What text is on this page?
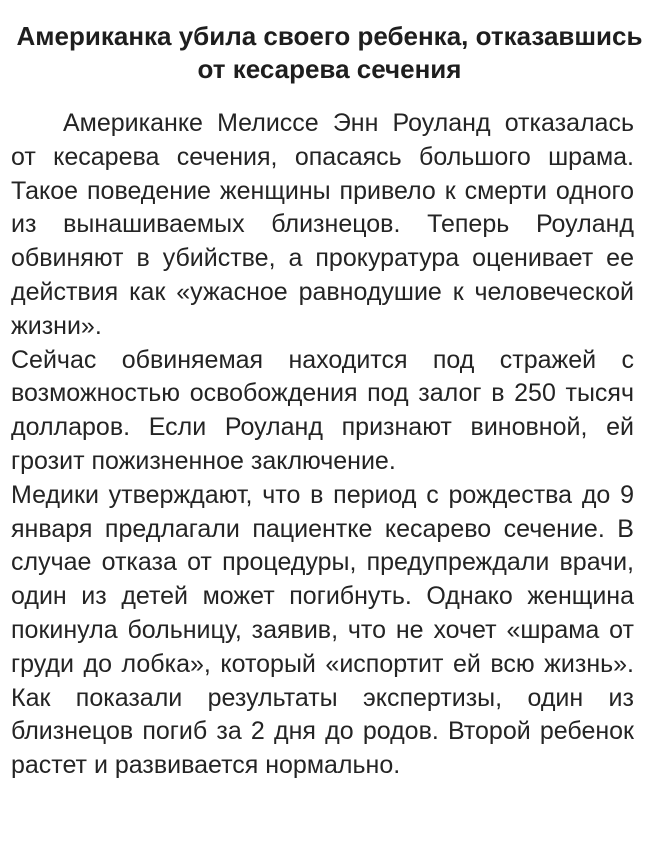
Американка убила своего ребенка, отказавшись
от кесарева сечения

Американке Мелиссе Энн Роуланд отказалась от кесарева сечения, опасаясь большого шрама. Такое поведение женщины привело к смерти одного из вынашиваемых близнецов. Теперь Роуланд обвиняют в убийстве, а прокуратура оценивает ее действия как «ужасное равнодушие к человеческой жизни».

Сейчас обвиняемая находится под стражей с возможностью освобождения под залог в 250 тысяч долларов. Если Роуланд признают виновной, ей грозит пожизненное заключение.

Медики утверждают, что в период с рождества до 9 января предлагали пациентке кесарево сечение. В случае отказа от процедуры, предупреждали врачи, один из детей может погибнуть. Однако женщина покинула больницу, заявив, что не хочет «шрама от груди до лобка», который «испортит ей всю жизнь». Как показали результаты экспертизы, один из близнецов погиб за 2 дня до родов. Второй ребенок растет и развивается нормально.
